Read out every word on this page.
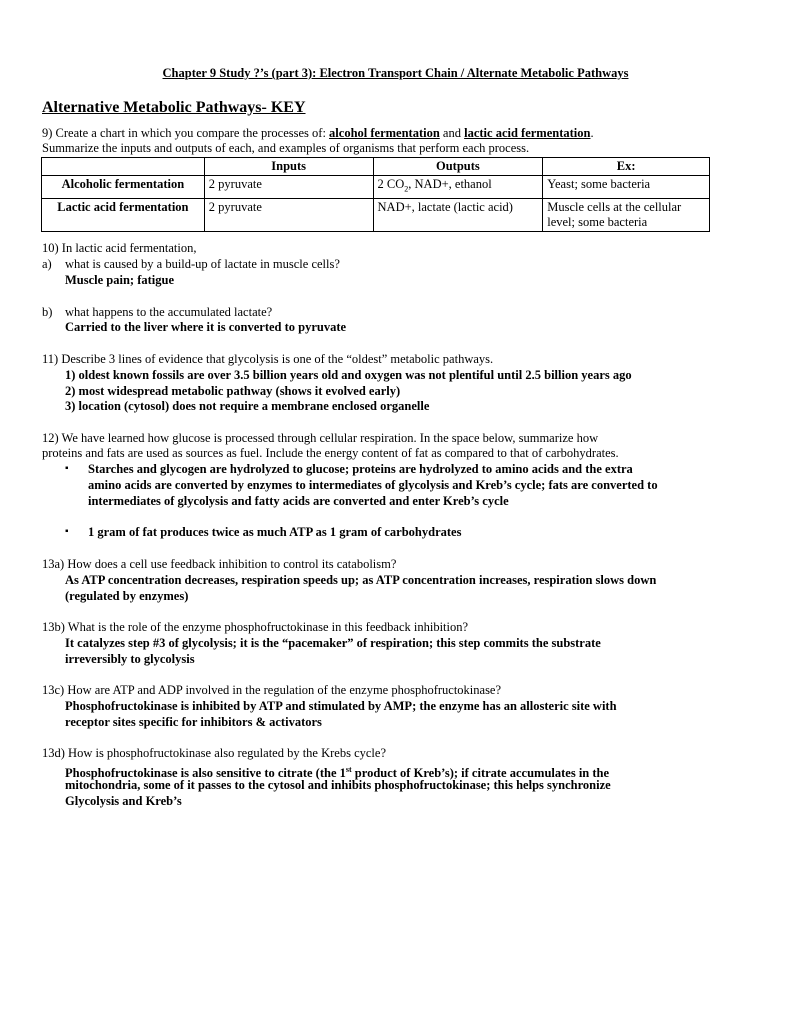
Chapter 9 Study ?’s (part 3): Electron Transport Chain / Alternate Metabolic Pathways
Alternative Metabolic Pathways- KEY
9) Create a chart in which you compare the processes of: alcohol fermentation and lactic acid fermentation.
Summarize the inputs and outputs of each, and examples of organisms that perform each process.
	Inputs	Outputs	Ex:
Alcoholic fermentation	2 pyruvate	2 $CO_2$, NAD+, ethanol	Yeast; some bacteria

Lactic acid fermentation	2 pyruvate	NAD+, lactate (lactic acid)	Muscle cells at the cellular
level; some bacteria
10) In lactic acid fermentation,
a) what is caused by a build-up of lactate in muscle cells?
Muscle pain; fatigue
b) what happens to the accumulated lactate?
Carried to the liver where it is converted to pyruvate
11) Describe 3 lines of evidence that glycolysis is one of the “oldest” metabolic pathways.
1) oldest known fossils are over 3.5 billion years old and oxygen was not plentiful until 2.5 billion years ago
2) most widespread metabolic pathway (shows it evolved early)
3) location (cytosol) does not require a membrane enclosed organelle
12) We have learned how glucose is processed through cellular respiration. In the space below, summarize how
proteins and fats are used as sources as fuel. Include the energy content of fat as compared to that of carbohydrates.
▪ Starches and glycogen are hydrolyzed to glucose; proteins are hydrolyzed to amino acids and the extra
amino acids are converted by enzymes to intermediates of glycolysis and Kreb’s cycle; fats are converted to
intermediates of glycolysis and fatty acids are converted and enter Kreb’s cycle
▪ 1 gram of fat produces twice as much ATP as 1 gram of carbohydrates
13a) How does a cell use feedback inhibition to control its catabolism?
As ATP concentration decreases, respiration speeds up; as ATP concentration increases, respiration slows down
(regulated by enzymes)
13b) What is the role of the enzyme phosphofructokinase in this feedback inhibition?
It catalyzes step #3 of glycolysis; it is the “pacemaker” of respiration; this step commits the substrate
irreversibly to glycolysis
13c) How are ATP and ADP involved in the regulation of the enzyme phosphofructokinase?
Phosphofructokinase is inhibited by ATP and stimulated by AMP; the enzyme has an allosteric site with
receptor sites specific for inhibitors & activators
13d) How is phosphofructokinase also regulated by the Krebs cycle?
Phosphofructokinase is also sensitive to citrate (the 1st product of Kreb’s); if citrate accumulates in the
mitochondria, some of it passes to the cytosol and inhibits phosphofructokinase; this helps synchronize
Glycolysis and Kreb’s
